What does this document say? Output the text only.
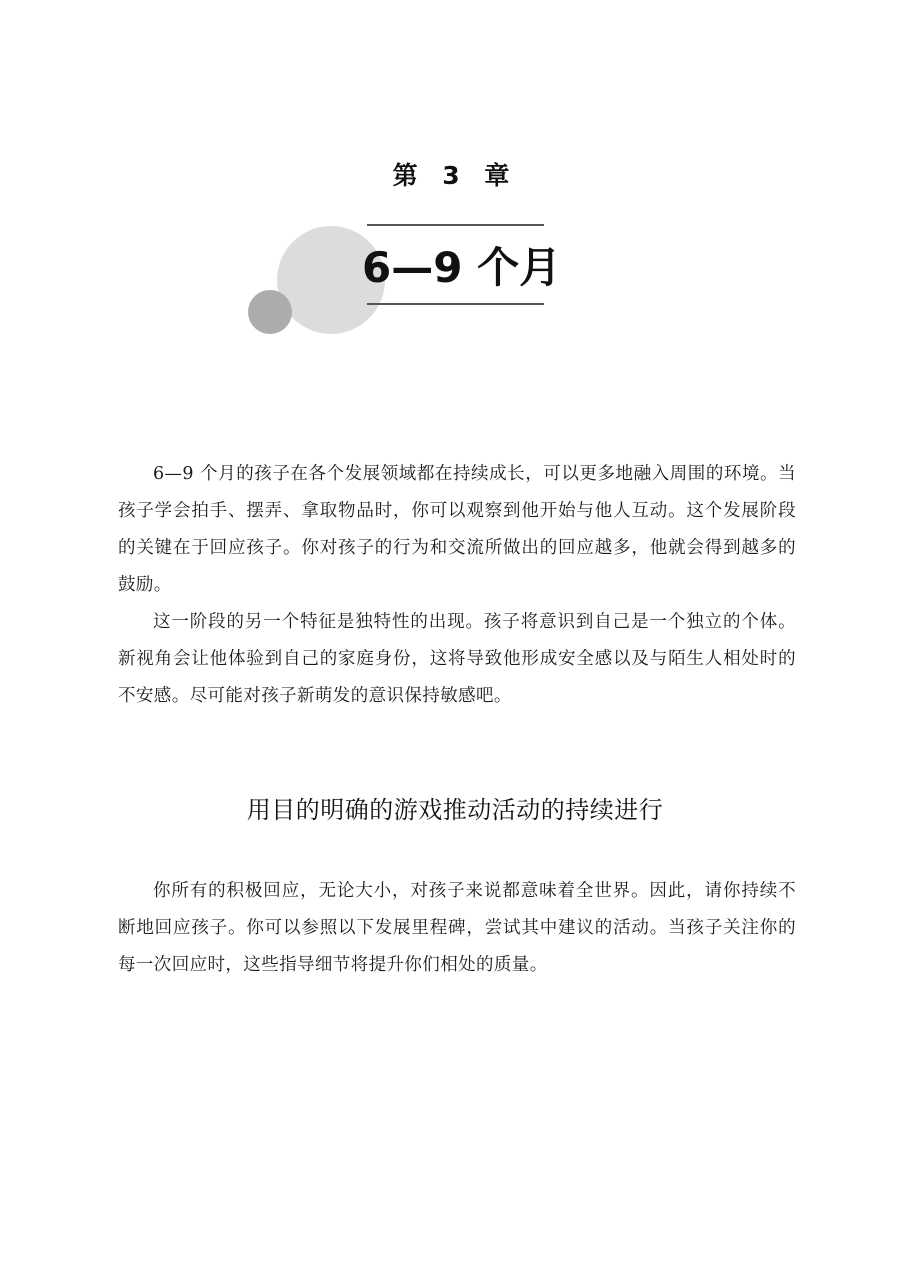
第 3 章
6—9 个月

6—9 个月的孩子在各个发展领域都在持续成长，可以更多地融入周围的环境。当孩子学会拍手、摆弄、拿取物品时，你可以观察到他开始与他人互动。这个发展阶段的关键在于回应孩子。你对孩子的行为和交流所做出的回应越多，他就会得到越多的鼓励。

这一阶段的另一个特征是独特性的出现。孩子将意识到自己是一个独立的个体。新视角会让他体验到自己的家庭身份，这将导致他形成安全感以及与陌生人相处时的不安感。尽可能对孩子新萌发的意识保持敏感吧。

用目的明确的游戏推动活动的持续进行

你所有的积极回应，无论大小，对孩子来说都意味着全世界。因此，请你持续不断地回应孩子。你可以参照以下发展里程碑，尝试其中建议的活动。当孩子关注你的每一次回应时，这些指导细节将提升你们相处的质量。
